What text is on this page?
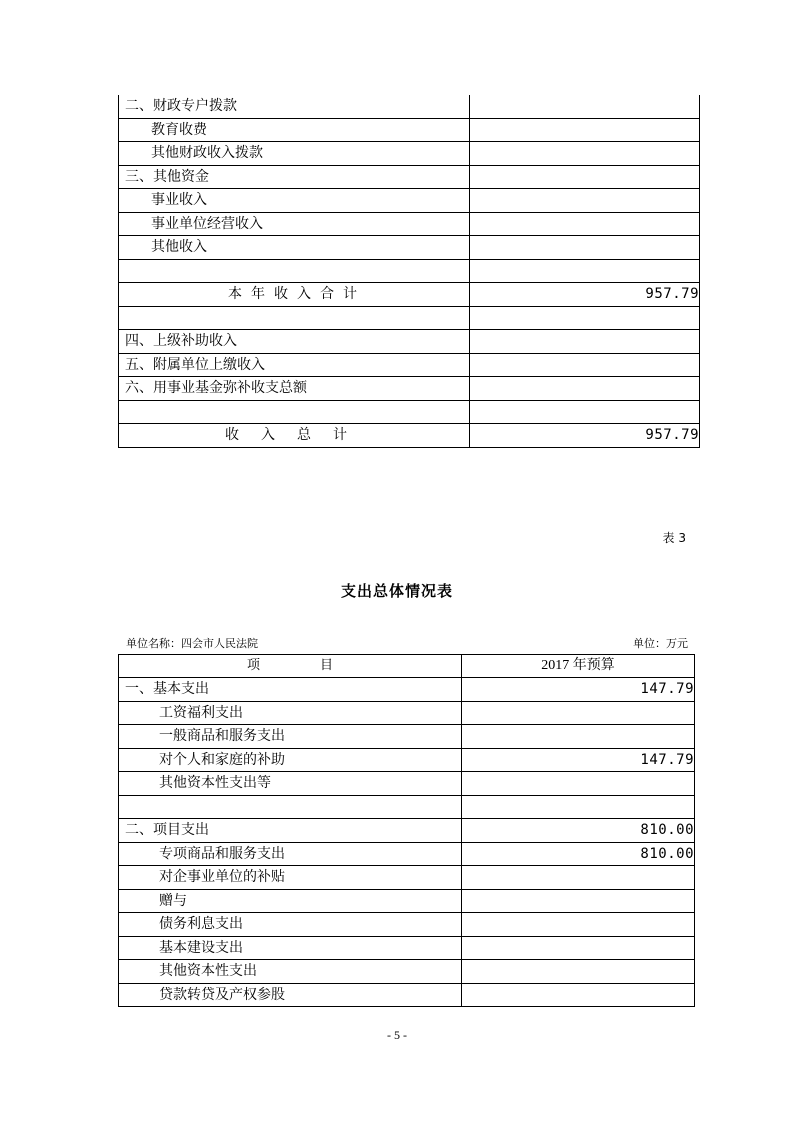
二、财政专户拨款	
教育收费	
其他财政收入拨款	
三、其他资金	
事业收入	
事业单位经营收入	
其他收入	

本年收入合计	957.79

四、上级补助收入	
五、附属单位上缴收入	
六、用事业基金弥补收支总额	

收入总计	957.79
表 3
支出总体情况表
单位名称：四会市人民法院	单位：万元
项目	2017 年预算
一、基本支出	147.79
工资福利支出	
一般商品和服务支出	
对个人和家庭的补助	147.79
其他资本性支出等	

二、项目支出	810.00
专项商品和服务支出	810.00
对企事业单位的补贴	
赠与	
债务利息支出	
基本建设支出	
其他资本性支出	
贷款转贷及产权参股	
- 5 -
